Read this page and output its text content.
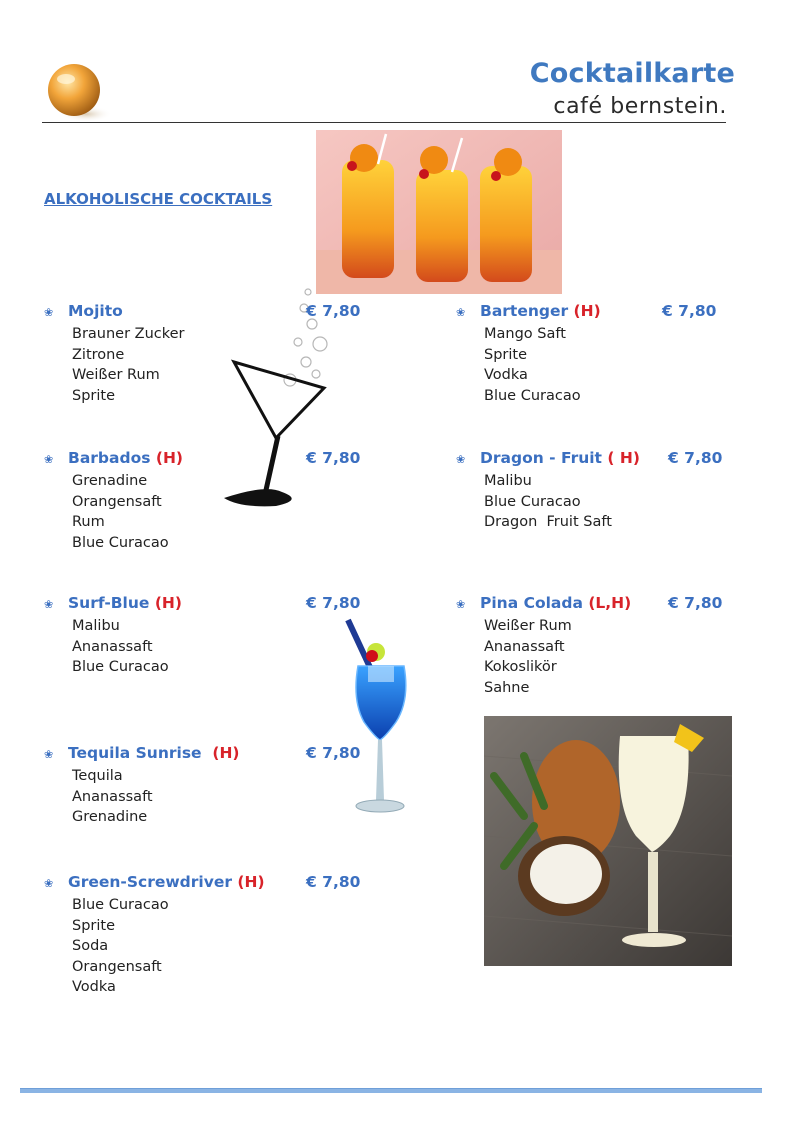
Cocktailkarte
café bernstein.
ALKOHOLISCHE COCKTAILS
❀ Mojito	€ 7,80
Brauner Zucker
Zitrone
Weißer Rum
Sprite
❀ Barbados (H)	€ 7,80
Grenadine
Orangensaft
Rum
Blue Curacao
❀ Surf-Blue (H)	€ 7,80
Malibu
Ananassaft
Blue Curacao
❀ Tequila Sunrise (H)	€ 7,80
Tequila
Ananassaft
Grenadine
❀ Green-Screwdriver (H)	€ 7,80
Blue Curacao
Sprite
Soda
Orangensaft
Vodka
❀ Bartenger (H)	€ 7,80
Mango Saft
Sprite
Vodka
Blue Curacao
❀ Dragon - Fruit ( H) € 7,80
Malibu
Blue Curacao
Dragon  Fruit Saft
❀ Pina Colada (L,H) € 7,80
Weißer Rum
Ananassaft
Kokoslikör
Sahne
